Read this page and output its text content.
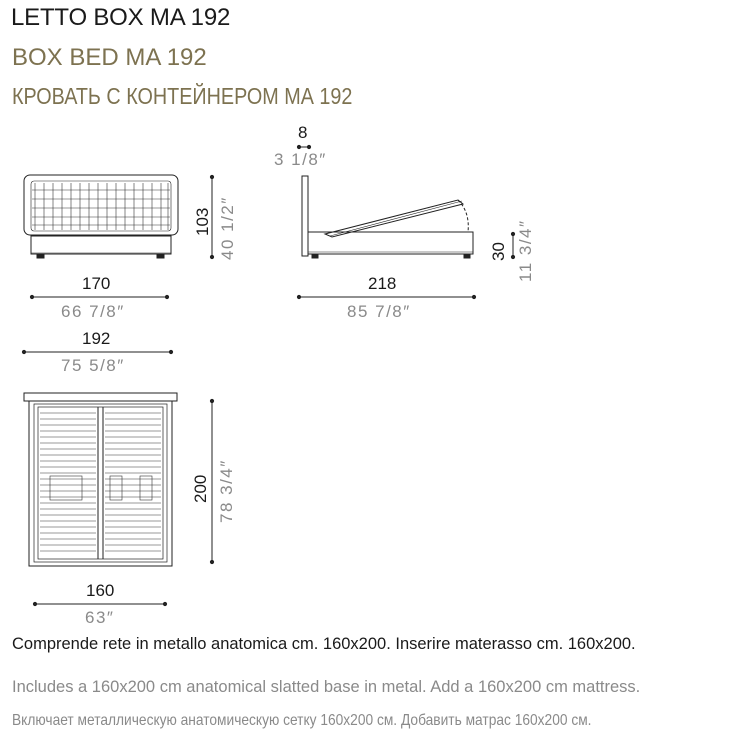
LETTO BOX MA 192
BOX BED MA 192
КРОВАТЬ С КОНТЕЙНЕРОМ МА 192
103 40 1/2″
170
66 7/8″
8
3 1/8″
218
85 7/8″
30 11 3/4″
192
75 5/8″
200 78 3/4″
160
63″
Comprende rete in metallo anatomica cm. 160x200. Inserire materasso cm. 160x200.
Includes a 160x200 cm anatomical slatted base in metal. Add a 160x200 cm mattress.
Включает металлическую анатомическую сетку 160x200 см. Добавить матрас 160x200 см.
